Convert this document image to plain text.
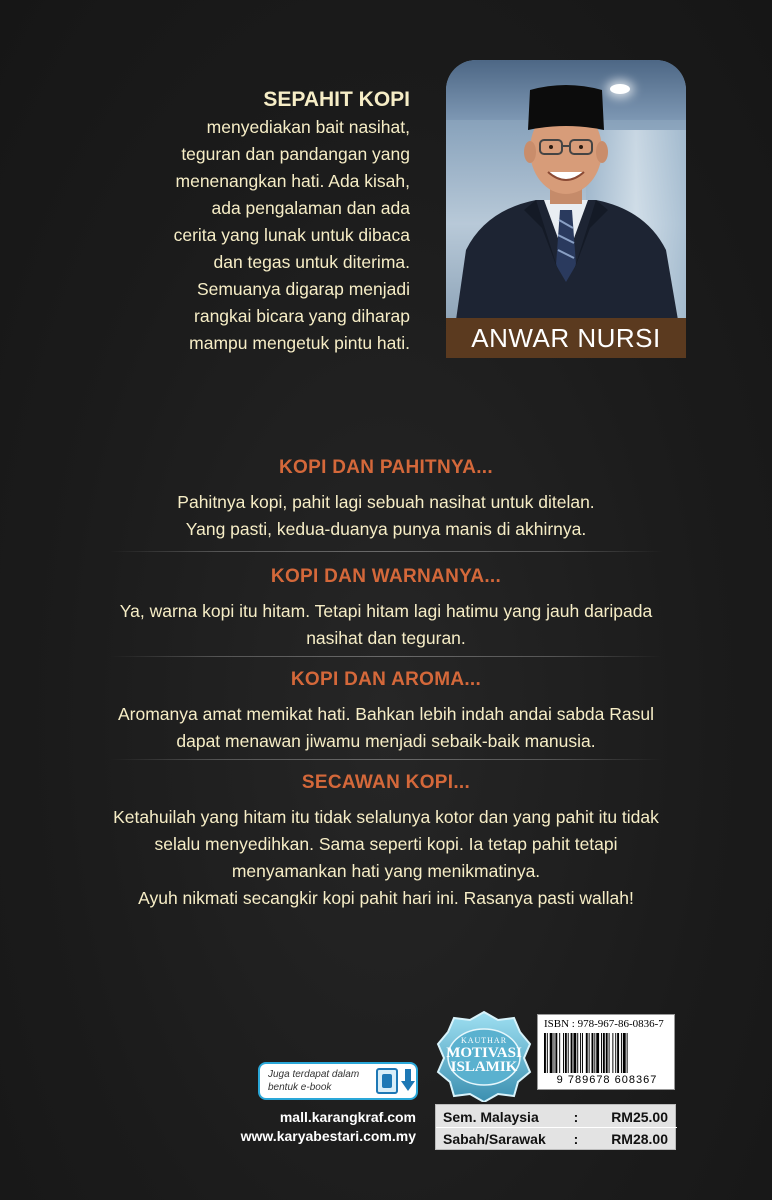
SEPAHIT KOPI
menyediakan bait nasihat,
teguran dan pandangan yang
menenangkan hati. Ada kisah,
ada pengalaman dan ada
cerita yang lunak untuk dibaca
dan tegas untuk diterima.
Semuanya digarap menjadi
rangkai bicara yang diharap
mampu mengetuk pintu hati. ANWAR NURSI
KOPI DAN PAHITNYA...
Pahitnya kopi, pahit lagi sebuah nasihat untuk ditelan.
Yang pasti, kedua-duanya punya manis di akhirnya.
KOPI DAN WARNANYA...
Ya, warna kopi itu hitam. Tetapi hitam lagi hatimu yang jauh daripada
nasihat dan teguran.
KOPI DAN AROMA...
Aromanya amat memikat hati. Bahkan lebih indah andai sabda Rasul
dapat menawan jiwamu menjadi sebaik-baik manusia.
SECAWAN KOPI...
Ketahuilah yang hitam itu tidak selalunya kotor dan yang pahit itu tidak
selalu menyedihkan. Sama seperti kopi. Ia tetap pahit tetapi
menyamankan hati yang menikmatinya.
Ayuh nikmati secangkir kopi pahit hari ini. Rasanya pasti wallah!
Juga terdapat dalam
bentuk e-book
mall.karangkraf.com
www.karyabestari.com.my
KAUTHAR
MOTIVASI
ISLAMIK
ISBN : 978-967-86-0836-7
9 789678 608367
Sem. Malaysia	:	RM25.00
Sabah/Sarawak	:	RM28.00
